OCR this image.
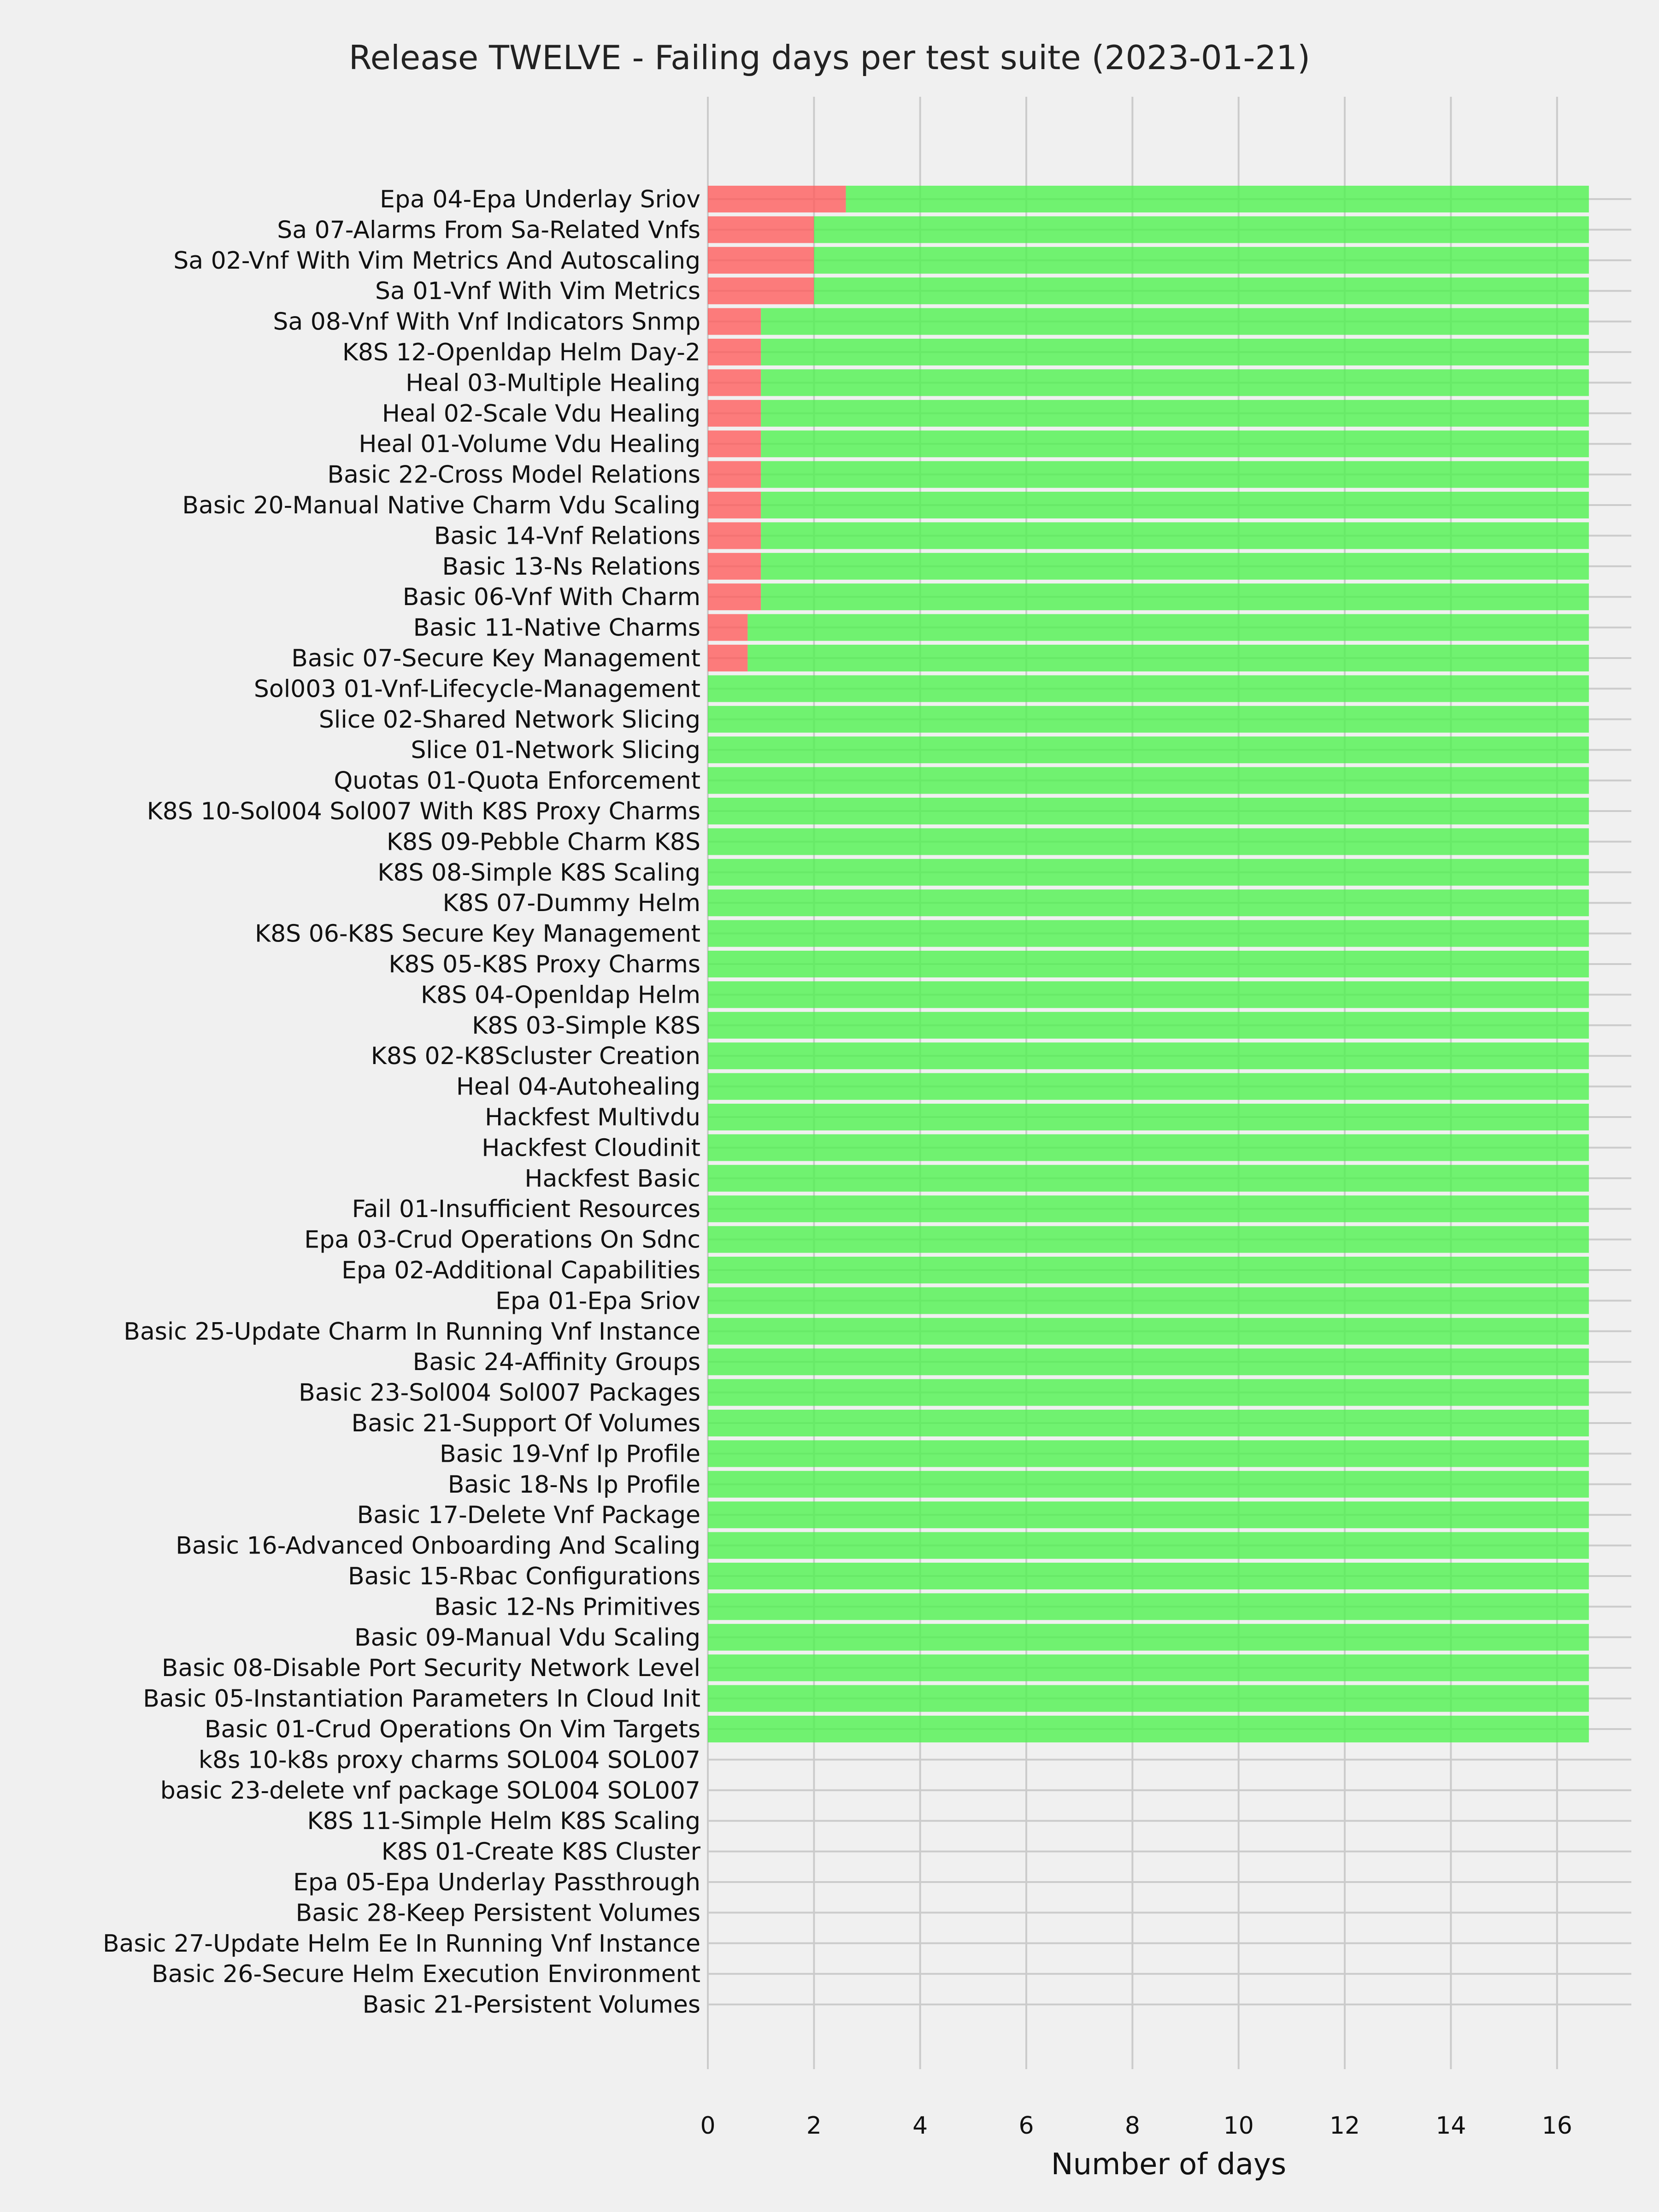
Release TWELVE - Failing days per test suite (2023-01-21)
Epa 04-Epa Underlay Sriov
Sa 07-Alarms From Sa-Related Vnfs
Sa 02-Vnf With Vim Metrics And Autoscaling
Sa 01-Vnf With Vim Metrics
Sa 08-Vnf With Vnf Indicators Snmp
K8S 12-Openldap Helm Day-2
Heal 03-Multiple Healing
Heal 02-Scale Vdu Healing
Heal 01-Volume Vdu Healing
Basic 22-Cross Model Relations
Basic 20-Manual Native Charm Vdu Scaling
Basic 14-Vnf Relations
Basic 13-Ns Relations
Basic 06-Vnf With Charm
Basic 11-Native Charms
Basic 07-Secure Key Management
Sol003 01-Vnf-Lifecycle-Management
Slice 02-Shared Network Slicing
Slice 01-Network Slicing
Quotas 01-Quota Enforcement
K8S 10-Sol004 Sol007 With K8S Proxy Charms
K8S 09-Pebble Charm K8S
K8S 08-Simple K8S Scaling
K8S 07-Dummy Helm
K8S 06-K8S Secure Key Management
K8S 05-K8S Proxy Charms
K8S 04-Openldap Helm
K8S 03-Simple K8S
K8S 02-K8Scluster Creation
Heal 04-Autohealing
Hackfest Multivdu
Hackfest Cloudinit
Hackfest Basic
Fail 01-Insufficient Resources
Epa 03-Crud Operations On Sdnc
Epa 02-Additional Capabilities
Epa 01-Epa Sriov
Basic 25-Update Charm In Running Vnf Instance
Basic 24-Affinity Groups
Basic 23-Sol004 Sol007 Packages
Basic 21-Support Of Volumes
Basic 19-Vnf Ip Profile
Basic 18-Ns Ip Profile
Basic 17-Delete Vnf Package
Basic 16-Advanced Onboarding And Scaling
Basic 15-Rbac Configurations
Basic 12-Ns Primitives
Basic 09-Manual Vdu Scaling
Basic 08-Disable Port Security Network Level
Basic 05-Instantiation Parameters In Cloud Init
Basic 01-Crud Operations On Vim Targets
k8s 10-k8s proxy charms SOL004 SOL007
basic 23-delete vnf package SOL004 SOL007
K8S 11-Simple Helm K8S Scaling
K8S 01-Create K8S Cluster
Epa 05-Epa Underlay Passthrough
Basic 28-Keep Persistent Volumes
Basic 27-Update Helm Ee In Running Vnf Instance
Basic 26-Secure Helm Execution Environment
Basic 21-Persistent Volumes
0	2	4	6	8	10	12	14	16
Number of days
